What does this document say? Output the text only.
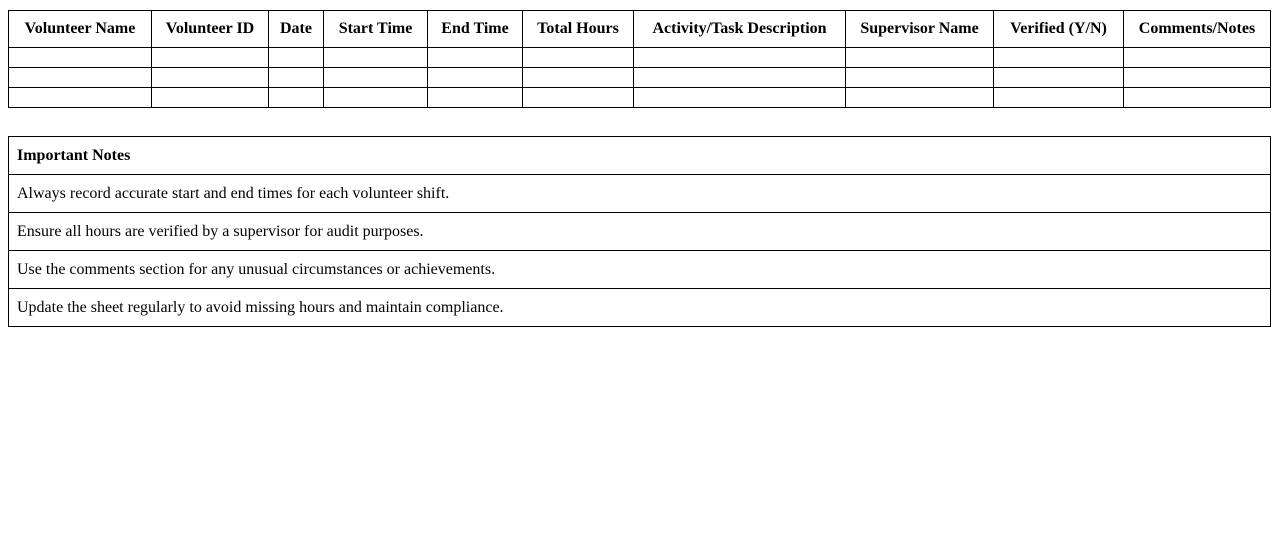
Volunteer Name	Volunteer ID	Date	Start Time	End Time	Total Hours	Activity/Task Description	Supervisor Name	Verified (Y/N)	Comments/Notes

Important Notes
Always record accurate start and end times for each volunteer shift.
Ensure all hours are verified by a supervisor for audit purposes.
Use the comments section for any unusual circumstances or achievements.
Update the sheet regularly to avoid missing hours and maintain compliance.
